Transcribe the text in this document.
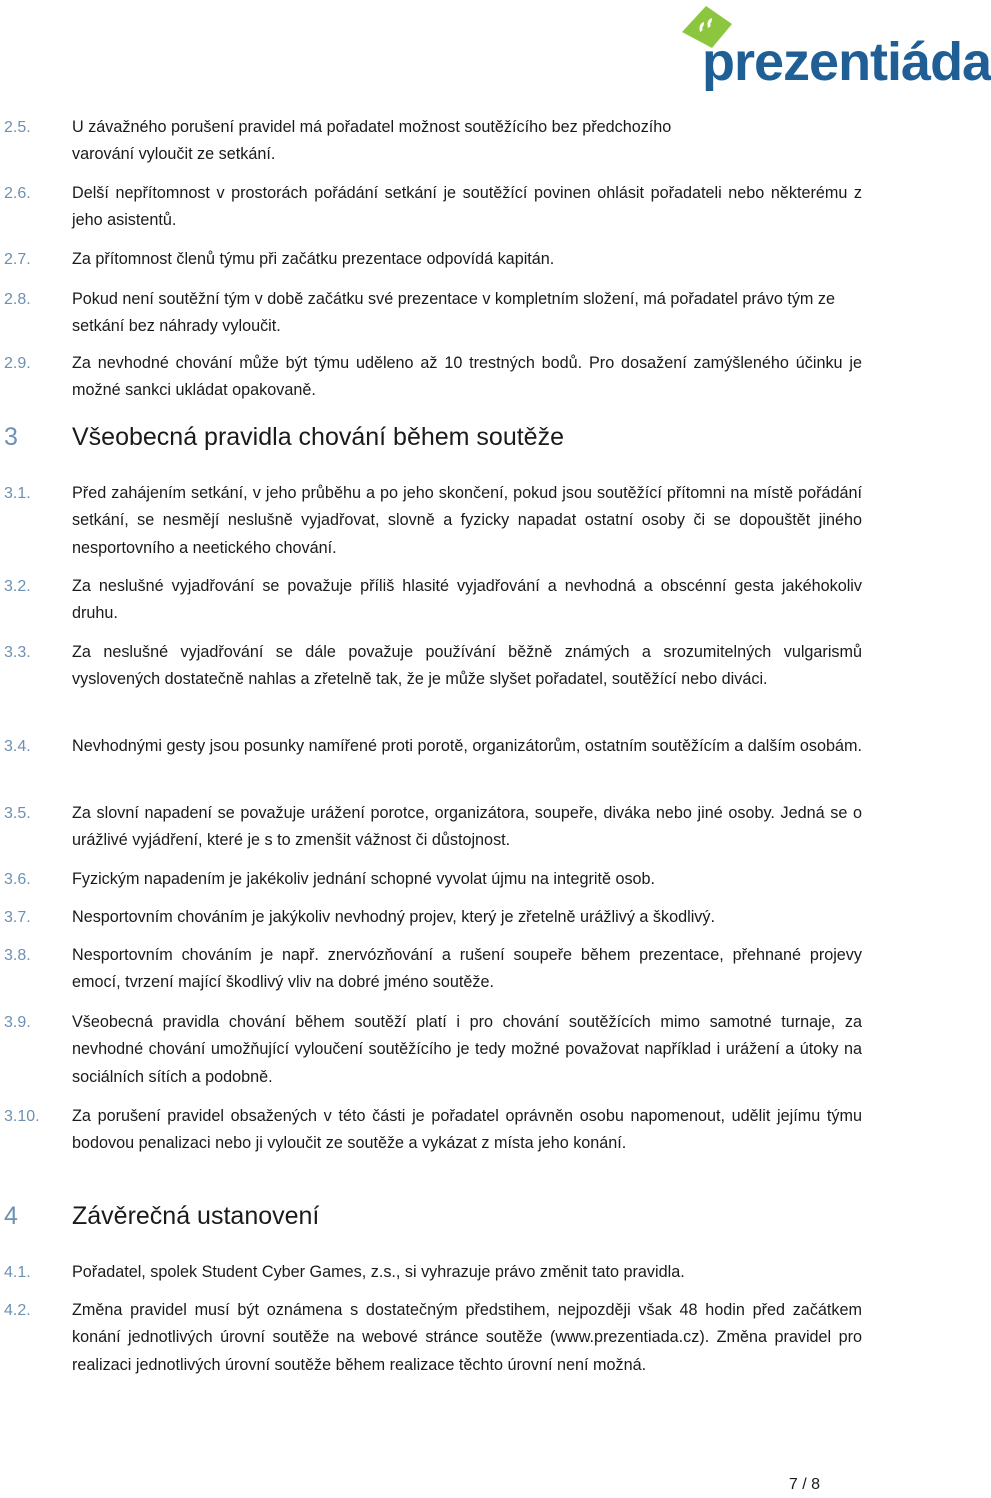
prezentiáda
2.5.	U závažného porušení pravidel má pořadatel možnost soutěžícího bez předchozího varování vyloučit ze setkání.
2.6.	Delší nepřítomnost v prostorách pořádání setkání je soutěžící povinen ohlásit pořadateli nebo některému z jeho asistentů.
2.7.	Za přítomnost členů týmu při začátku prezentace odpovídá kapitán.
2.8.	Pokud není soutěžní tým v době začátku své prezentace v kompletním složení, má pořadatel právo tým ze setkání bez náhrady vyloučit.
2.9.	Za nevhodné chování může být týmu uděleno až 10 trestných bodů. Pro dosažení zamýšleného účinku je možné sankci ukládat opakovaně.
3 Všeobecná pravidla chování během soutěže
3.1.	Před zahájením setkání, v jeho průběhu a po jeho skončení, pokud jsou soutěžící přítomni na místě pořádání setkání, se nesmějí neslušně vyjadřovat, slovně a fyzicky napadat ostatní osoby či se dopouštět jiného nesportovního a neetického chování.
3.2.	Za neslušné vyjadřování se považuje příliš hlasité vyjadřování a nevhodná a obscénní gesta jakéhokoliv druhu.
3.3.	Za neslušné vyjadřování se dále považuje používání běžně známých a srozumitelných vulgarismů vyslovených dostatečně nahlas a zřetelně tak, že je může slyšet pořadatel, soutěžící nebo diváci.
3.4.	Nevhodnými gesty jsou posunky namířené proti porotě, organizátorům, ostatním soutěžícím a dalším osobám.
3.5.	Za slovní napadení se považuje urážení porotce, organizátora, soupeře, diváka nebo jiné osoby. Jedná se o urážlivé vyjádření, které je s to zmenšit vážnost či důstojnost.
3.6.	Fyzickým napadením je jakékoliv jednání schopné vyvolat újmu na integritě osob.
3.7.	Nesportovním chováním je jakýkoliv nevhodný projev, který je zřetelně urážlivý a škodlivý.
3.8.	Nesportovním chováním je např. znervózňování a rušení soupeře během prezentace, přehnané projevy emocí, tvrzení mající škodlivý vliv na dobré jméno soutěže.
3.9.	Všeobecná pravidla chování během soutěží platí i pro chování soutěžících mimo samotné turnaje, za nevhodné chování umožňující vyloučení soutěžícího je tedy možné považovat například i urážení a útoky na sociálních sítích a podobně.
3.10. Za porušení pravidel obsažených v této části je pořadatel oprávněn osobu napomenout, udělit jejímu týmu bodovou penalizaci nebo ji vyloučit ze soutěže a vykázat z místa jeho konání.
4 Závěrečná ustanovení
4.1.	Pořadatel, spolek Student Cyber Games, z.s., si vyhrazuje právo změnit tato pravidla.
4.2.	Změna pravidel musí být oznámena s dostatečným předstihem, nejpozději však 48 hodin před začátkem konání jednotlivých úrovní soutěže na webové stránce soutěže (www.prezentiada.cz). Změna pravidel pro realizaci jednotlivých úrovní soutěže během realizace těchto úrovní není možná.
7 / 8
